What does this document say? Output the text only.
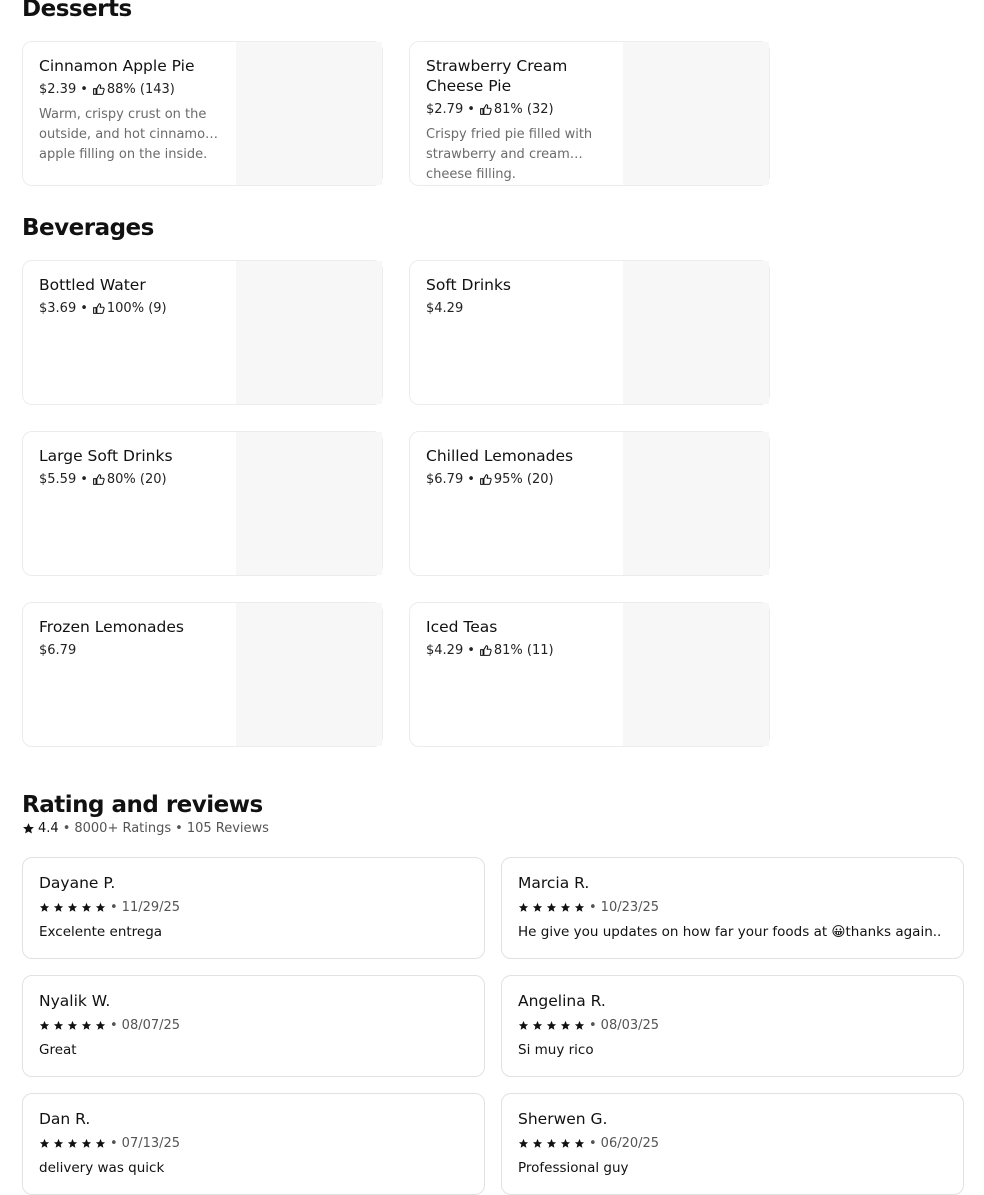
Desserts
Cinnamon Apple Pie
$2.39 • 88% (143)
Warm, crispy crust on the outside, and hot cinnamon apple filling on the inside.
Strawberry Cream Cheese Pie
$2.79 • 81% (32)
Crispy fried pie filled with strawberry and cream cheese filling.
Beverages
Bottled Water
$3.69 • 100% (9)
Soft Drinks
$4.29
Large Soft Drinks
$5.59 • 80% (20)
Chilled Lemonades
$6.79 • 95% (20)
Frozen Lemonades
$6.79
Iced Teas
$4.29 • 81% (11)
Rating and reviews
4.4 • 8000+ Ratings • 105 Reviews
Dayane P.
• 11/29/25
Excelente entrega
Marcia R.
• 10/23/25
He give you updates on how far your foods at 😀thanks again..
Nyalik W.
• 08/07/25
Great
Angelina R.
• 08/03/25
Si muy rico
Dan R.
• 07/13/25
delivery was quick
Sherwen G.
• 06/20/25
Professional guy
